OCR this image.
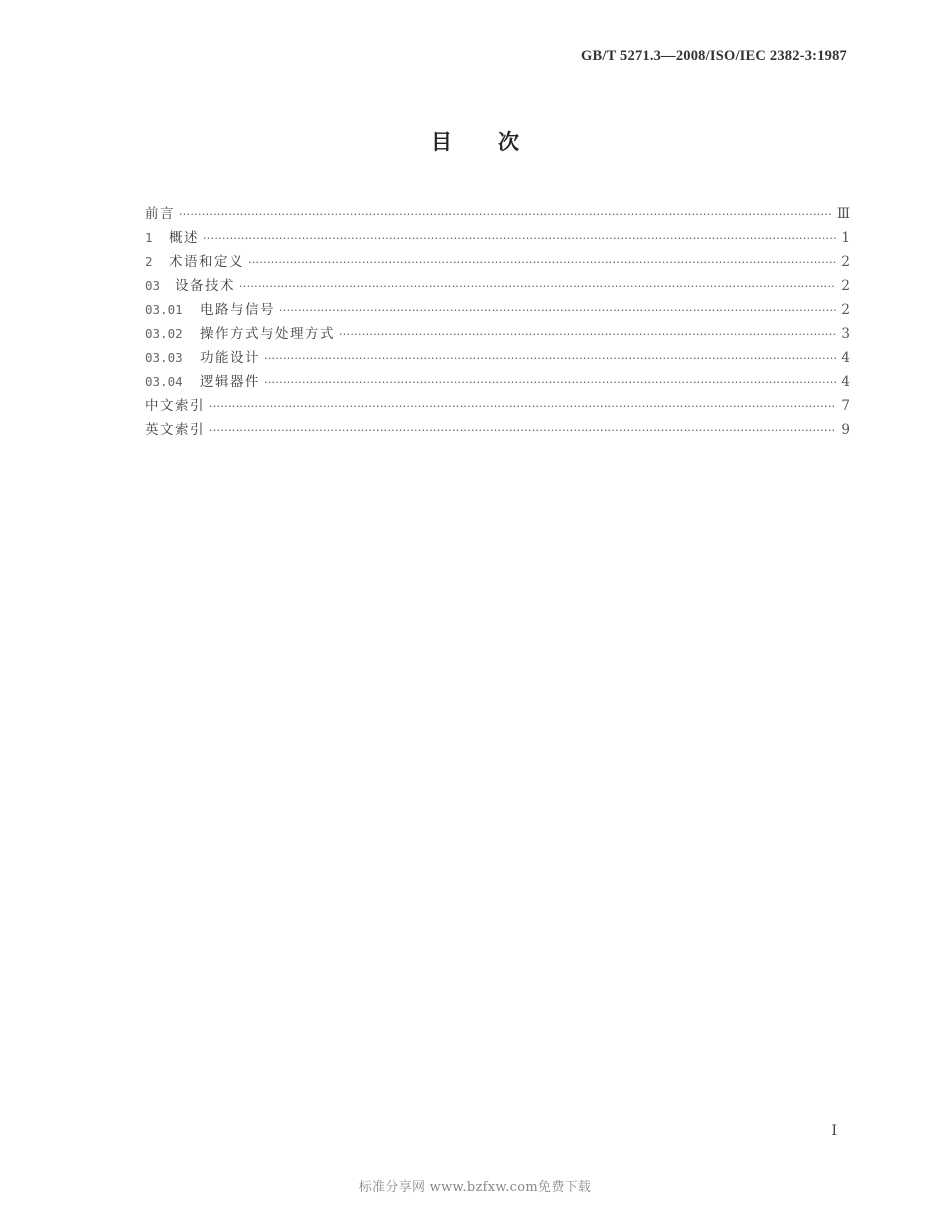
GB/T 5271.3—2008/ISO/IEC 2382-3:1987
目 次
前言 ·····	Ⅲ
1	概述 ·····	1
2	术语和定义 ·····	2
03	设备技术 ·····	2
03.01	电路与信号 ·····	2
03.02	操作方式与处理方式 ·····	3
03.03	功能设计 ·····	4
03.04	逻辑器件 ·····	4
中文索引 ·····	7
英文索引 ·····	9
I
标准分享网 www.bzfxw.com免费下载
